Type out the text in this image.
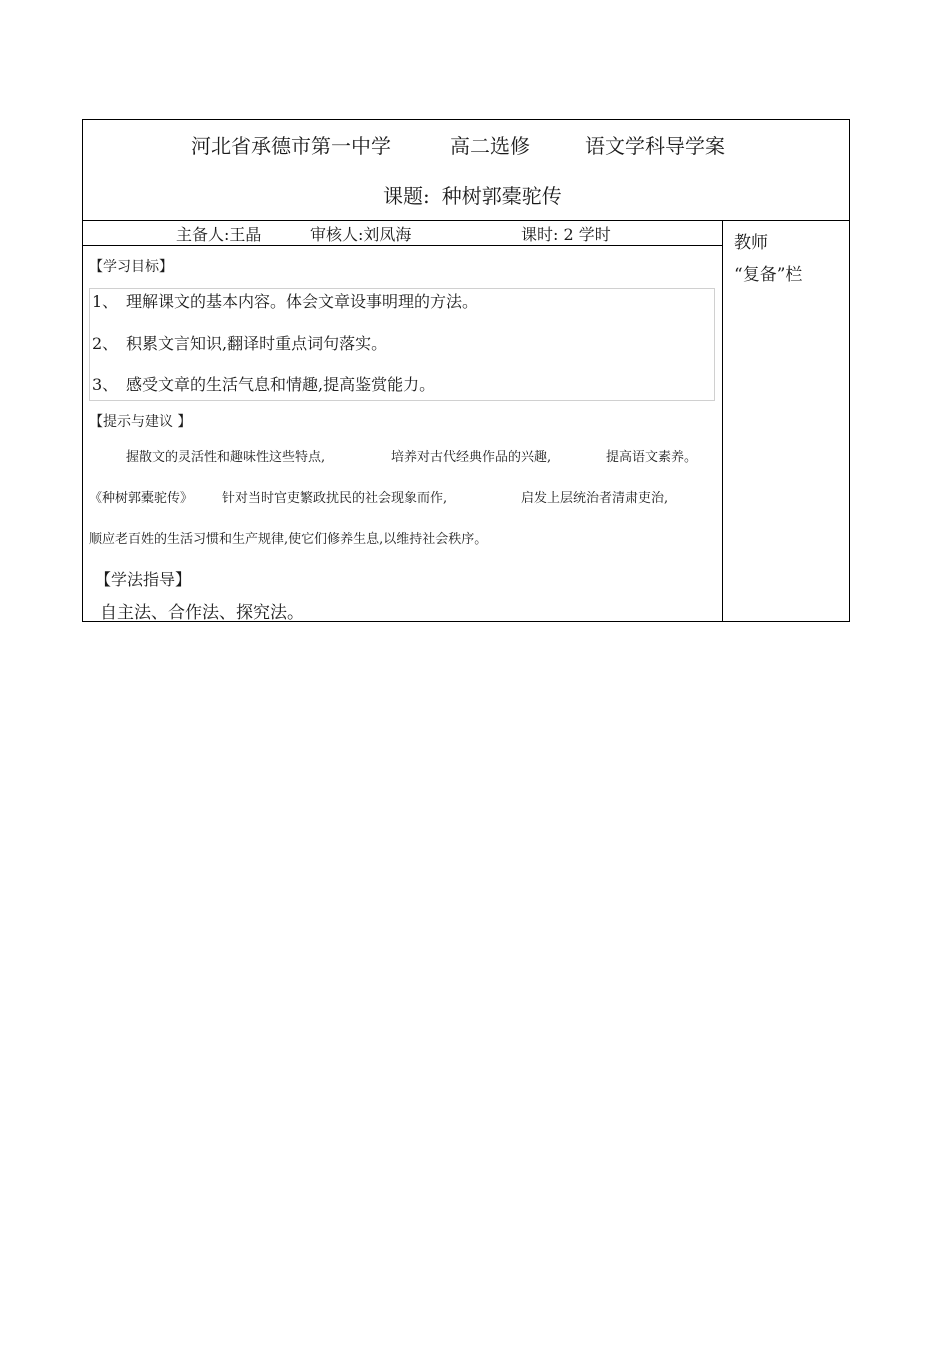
河北省承德市第一中学	高二选修	语文学科导学案
课题: 种树郭橐驼传
主备人:王晶	审核人:刘凤海	课时: 2 学时
【学习目标】
1、 理解课文的基本内容。体会文章设事明理的方法。
2、 积累文言知识,翻译时重点词句落实。
3、 感受文章的生活气息和情趣,提高鉴赏能力。
【提示与建议 】
握散文的灵活性和趣味性这些特点,	培养对古代经典作品的兴趣,	提高语文素养。
《种树郭橐驼传》 针对当时官吏繁政扰民的社会现象而作,	启发上层统治者清肃吏治,
顺应老百姓的生活习惯和生产规律,使它们修养生息,以维持社会秩序。
【学法指导】
自主法、合作法、探究法。
教师
“复备”栏
